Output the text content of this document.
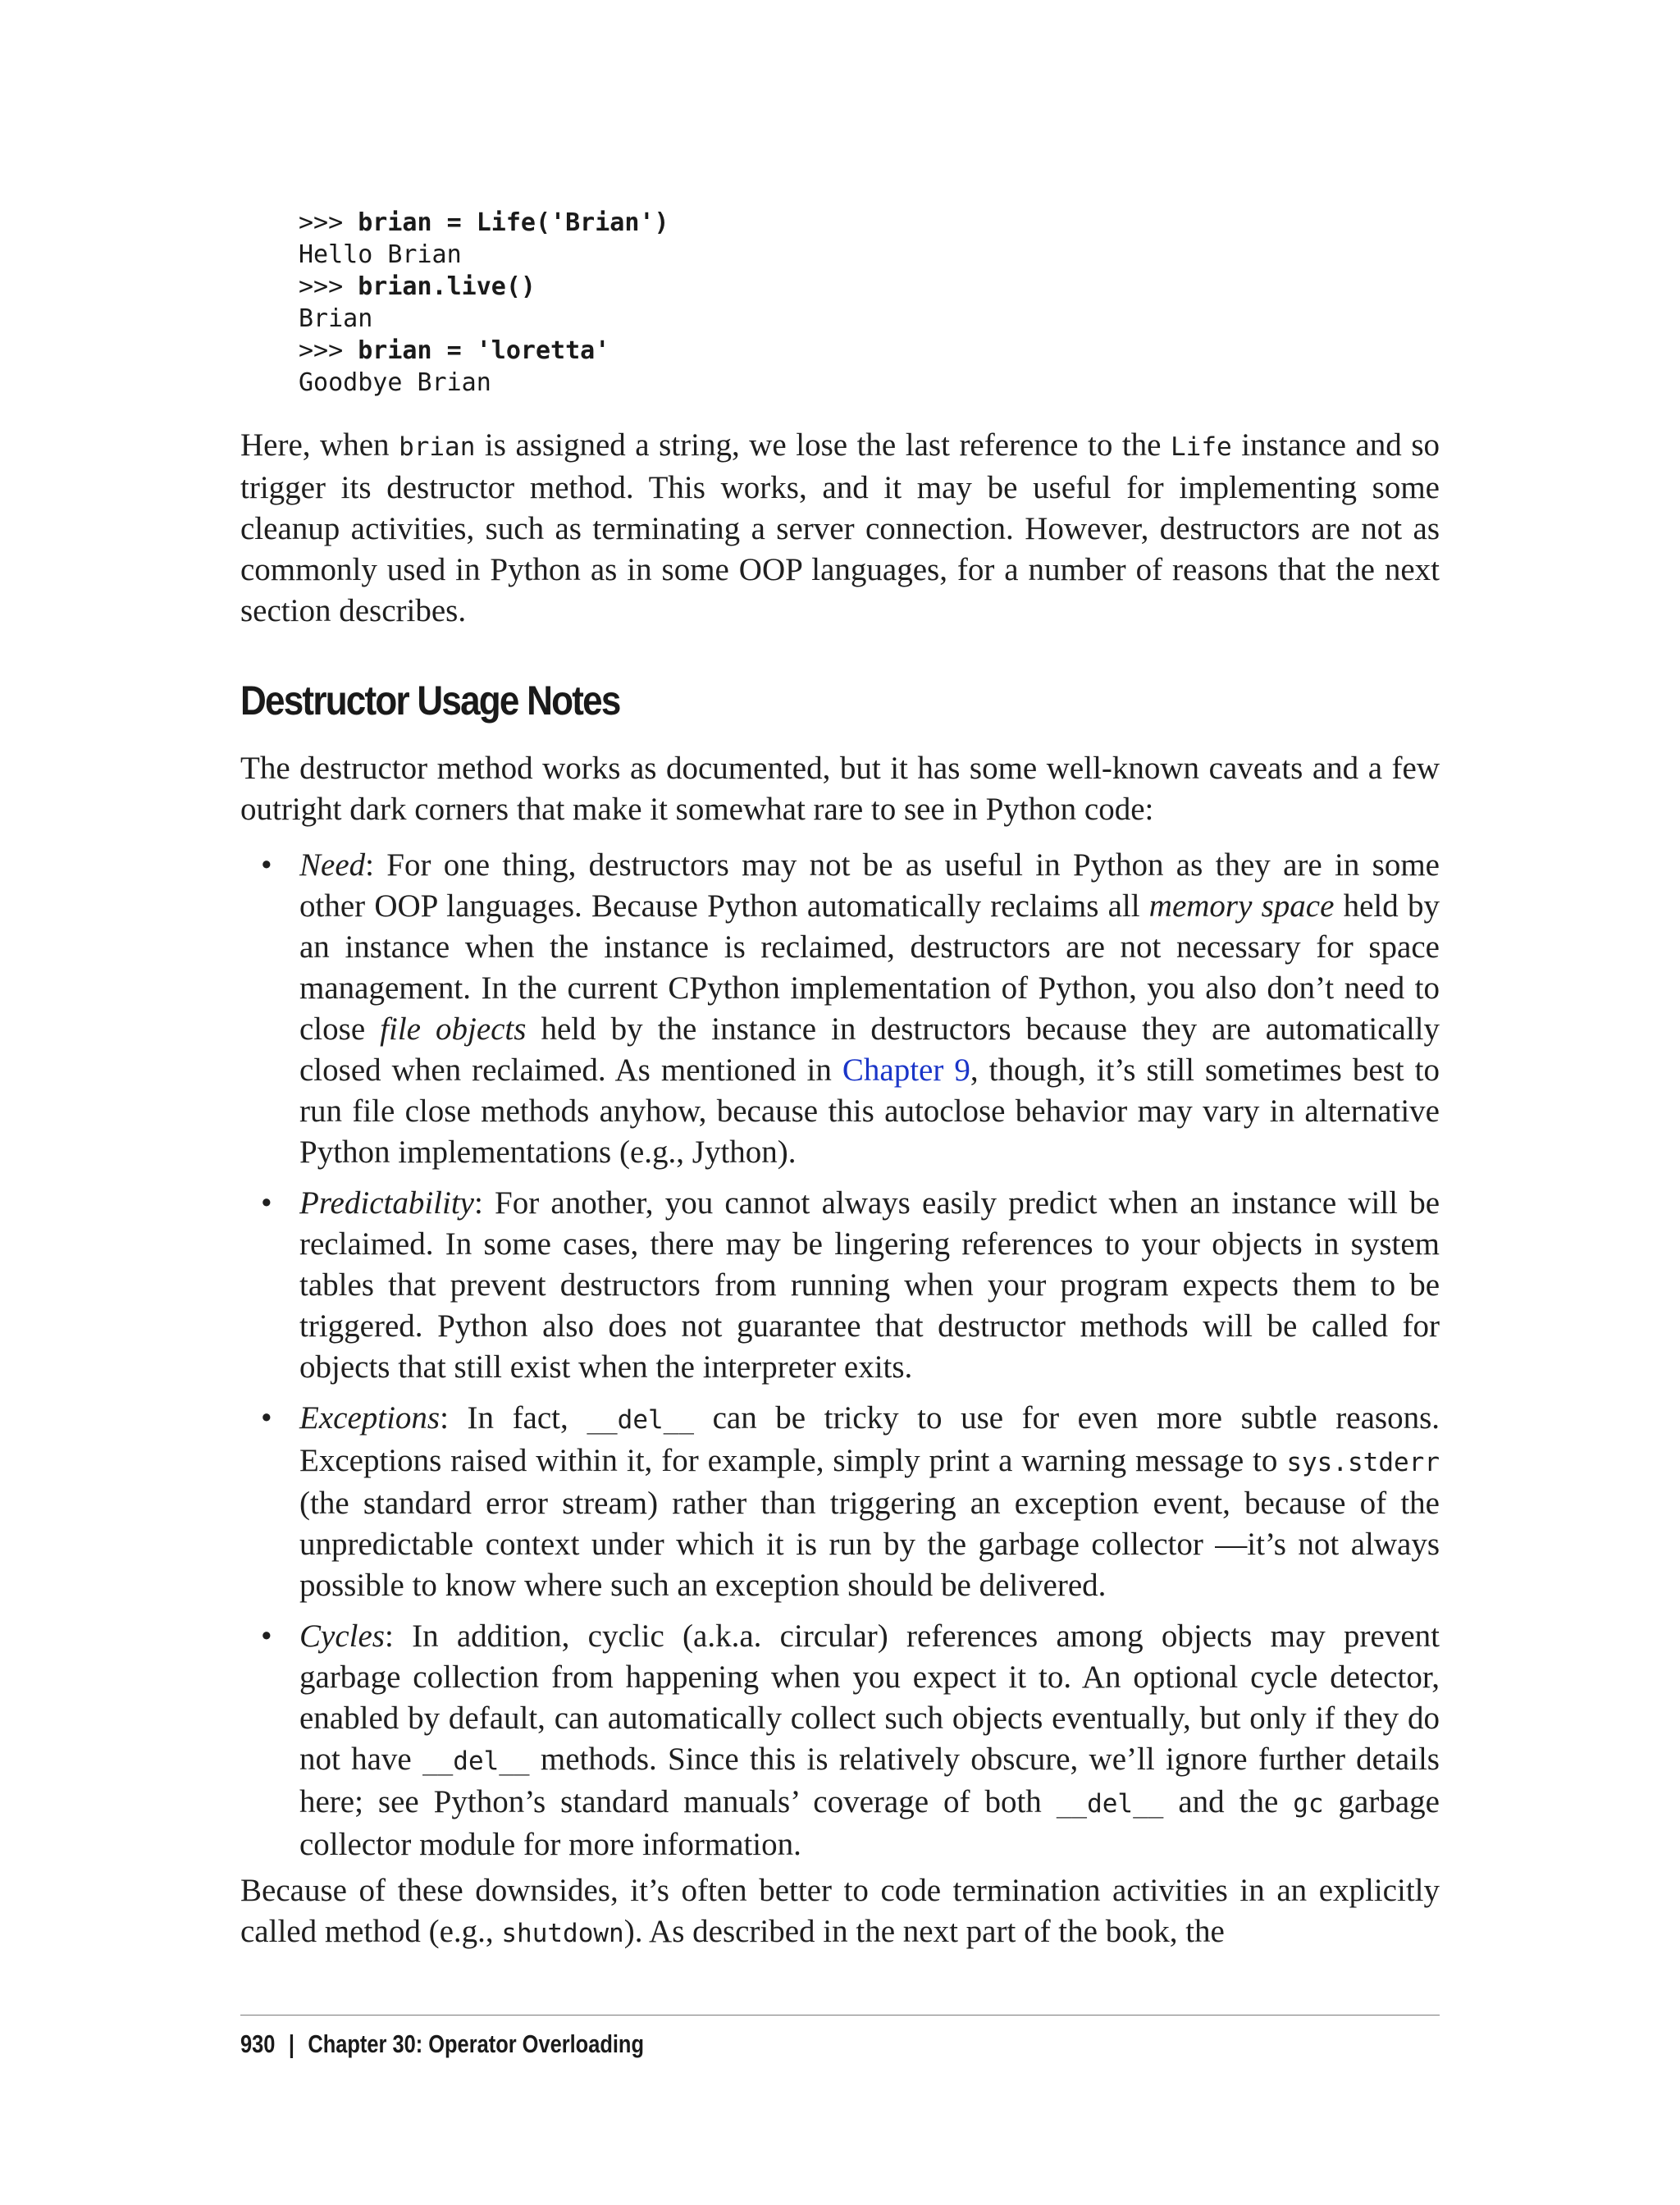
>>> brian = Life('Brian')
Hello Brian
>>> brian.live()
Brian
>>> brian = 'loretta'
Goodbye Brian

Here, when brian is assigned a string, we lose the last reference to the Life instance and so trigger its destructor method. This works, and it may be useful for implementing some cleanup activities, such as terminating a server connection. However, destructors are not as commonly used in Python as in some OOP languages, for a number of reasons that the next section describes.

Destructor Usage Notes

The destructor method works as documented, but it has some well-known caveats and a few outright dark corners that make it somewhat rare to see in Python code:

• Need: For one thing, destructors may not be as useful in Python as they are in some other OOP languages. Because Python automatically reclaims all memory space held by an instance when the instance is reclaimed, destructors are not necessary for space management. In the current CPython implementation of Python, you also don’t need to close file objects held by the instance in destructors because they are automatically closed when reclaimed. As mentioned in Chapter 9, though, it’s still sometimes best to run file close methods anyhow, because this autoclose behavior may vary in alternative Python implementations (e.g., Jython).
• Predictability: For another, you cannot always easily predict when an instance will be reclaimed. In some cases, there may be lingering references to your objects in system tables that prevent destructors from running when your program expects them to be triggered. Python also does not guarantee that destructor methods will be called for objects that still exist when the interpreter exits.
• Exceptions: In fact, __del__ can be tricky to use for even more subtle reasons. Exceptions raised within it, for example, simply print a warning message to sys.stderr (the standard error stream) rather than triggering an exception event, because of the unpredictable context under which it is run by the garbage collector —it’s not always possible to know where such an exception should be delivered.
• Cycles: In addition, cyclic (a.k.a. circular) references among objects may prevent garbage collection from happening when you expect it to. An optional cycle detector, enabled by default, can automatically collect such objects eventually, but only if they do not have __del__ methods. Since this is relatively obscure, we’ll ignore further details here; see Python’s standard manuals’ coverage of both __del__ and the gc garbage collector module for more information.

Because of these downsides, it’s often better to code termination activities in an explicitly called method (e.g., shutdown). As described in the next part of the book, the

930 | Chapter 30: Operator Overloading
